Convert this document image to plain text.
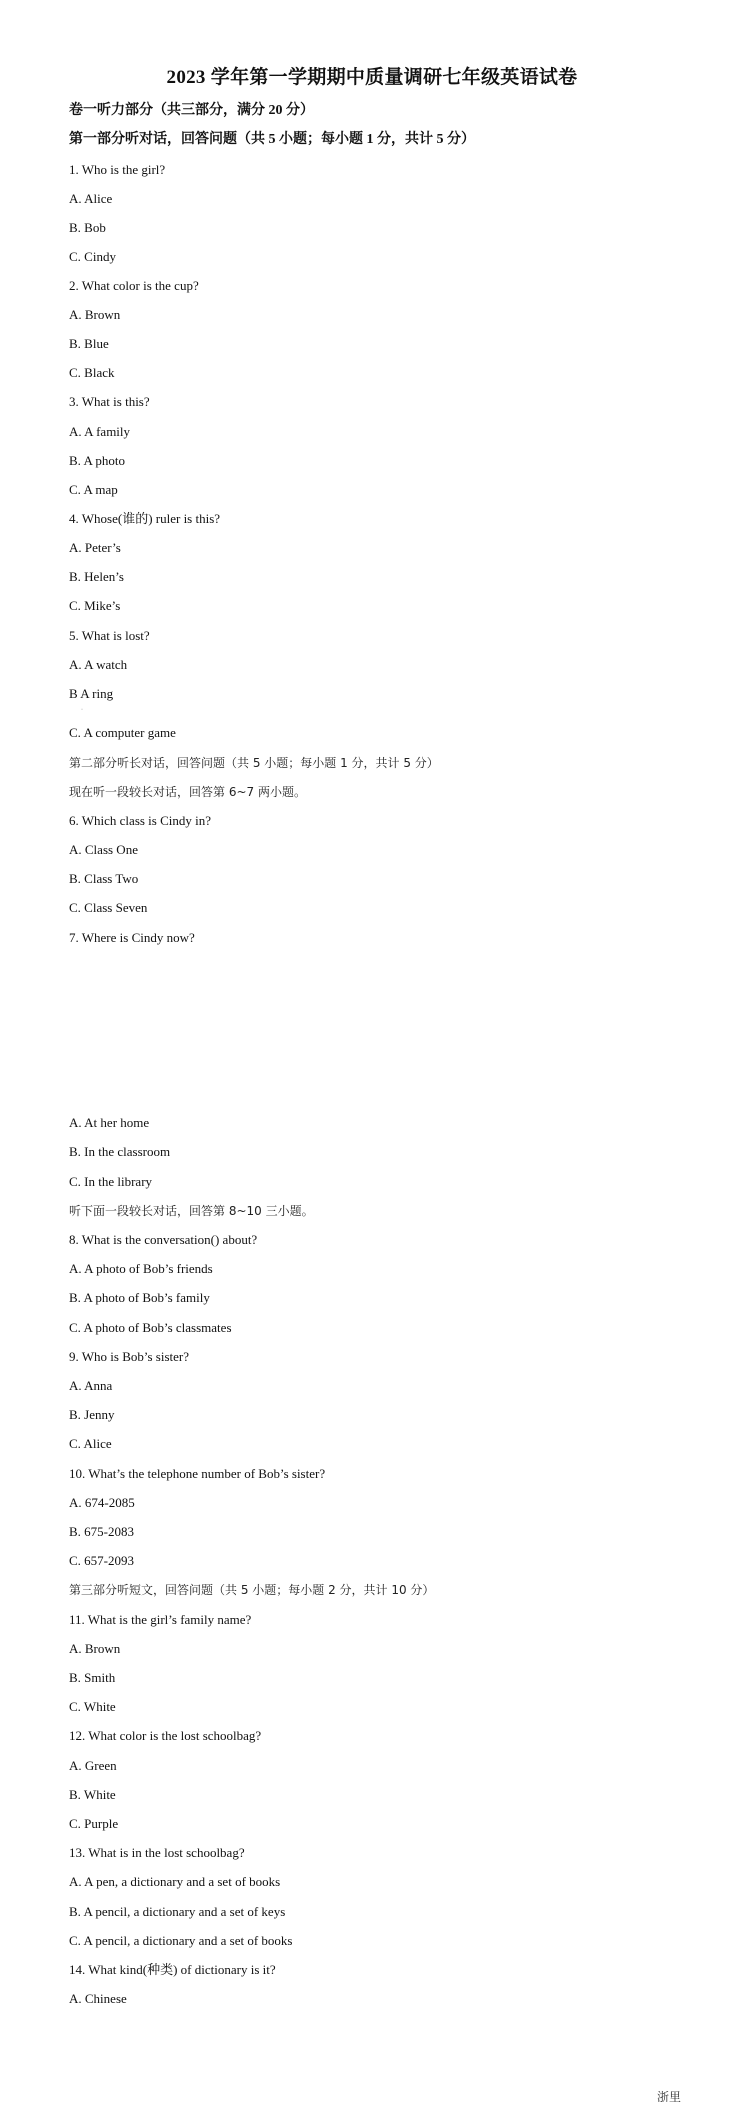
2023 学年第一学期期中质量调研七年级英语试卷
卷一听力部分（共三部分，满分 20 分）
第一部分听对话，回答问题（共 5 小题；每小题 1 分，共计 5 分）
1. Who is the girl?
A. Alice
B. Bob
C. Cindy
2. What color is the cup?
A. Brown
B. Blue
C. Black
3. What is this?
A. A family
B. A photo
C. A map
4. Whose(谁的) ruler is this?
A. Peter’s
B. Helen’s
C. Mike’s
5. What is lost?
A. A watch
B A ring
·
C. A computer game
第二部分听长对话，回答问题（共 5 小题；每小题 1 分，共计 5 分）
现在听一段较长对话，回答第 6~7 两小题。
6. Which class is Cindy in?
A. Class One
B. Class Two
C. Class Seven
7. Where is Cindy now?
A. At her home
B. In the classroom
C. In the library
听下面一段较长对话，回答第 8~10 三小题。
8. What is the conversation() about?
A. A photo of Bob’s friends
B. A photo of Bob’s family
C. A photo of Bob’s classmates
9. Who is Bob’s sister?
A. Anna
B. Jenny
C. Alice
10. What’s the telephone number of Bob’s sister?
A. 674-2085
B. 675-2083
C. 657-2093
第三部分听短文，回答问题（共 5 小题；每小题 2 分，共计 10 分）
11. What is the girl’s family name?
A. Brown
B. Smith
C. White
12. What color is the lost schoolbag?
A. Green
B. White
C. Purple
13. What is in the lost schoolbag?
A. A pen, a dictionary and a set of books
B. A pencil, a dictionary and a set of keys
C. A pencil, a dictionary and a set of books
14. What kind(种类) of dictionary is it?
A. Chinese
浙里
